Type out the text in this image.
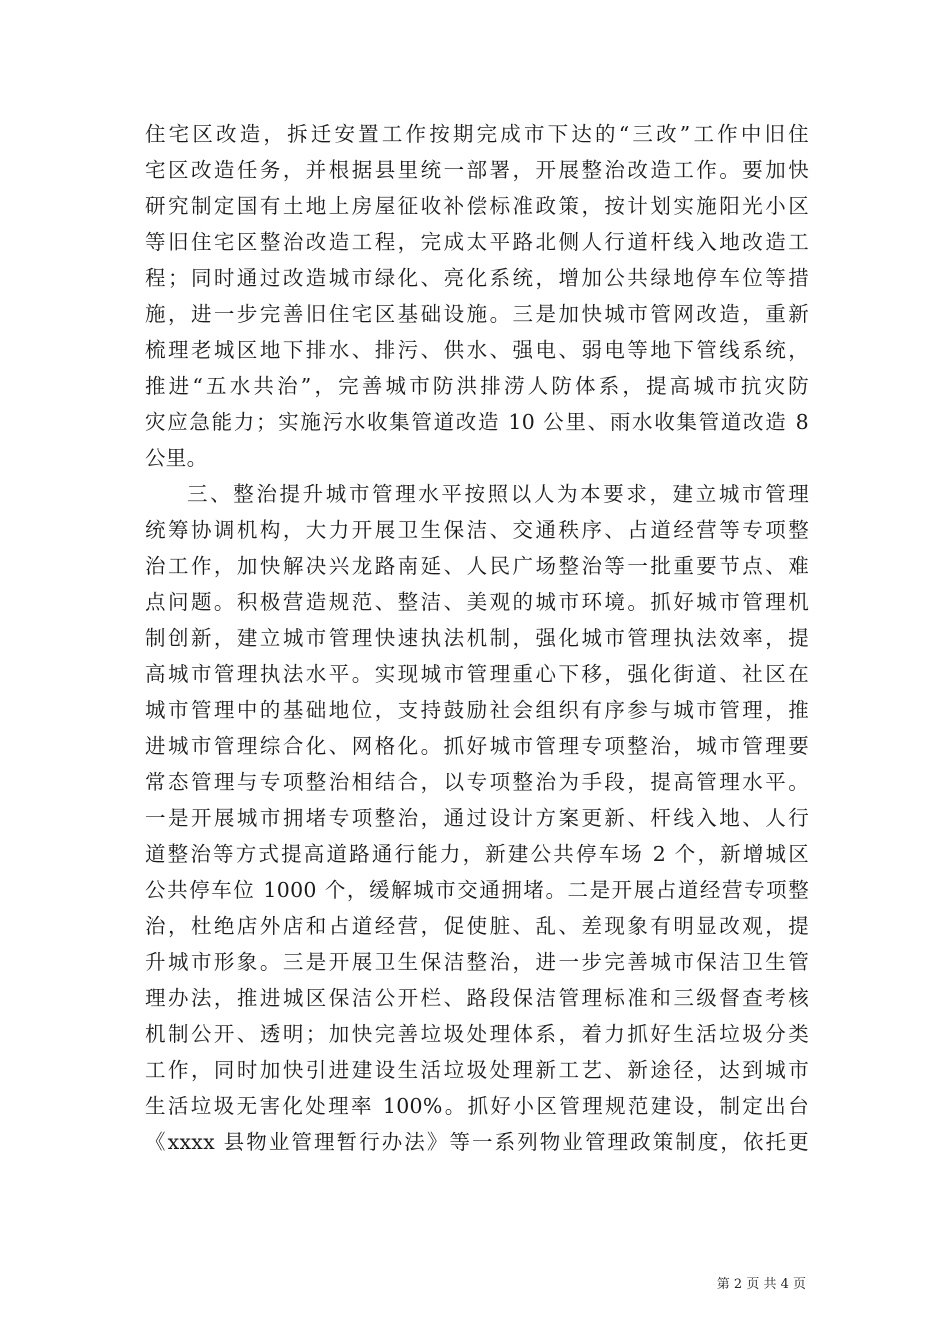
住宅区改造，拆迁安置工作按期完成市下达的“三改”工作中旧住
宅区改造任务，并根据县里统一部署，开展整治改造工作。要加快
研究制定国有土地上房屋征收补偿标准政策，按计划实施阳光小区
等旧住宅区整治改造工程，完成太平路北侧人行道杆线入地改造工
程；同时通过改造城市绿化、亮化系统，增加公共绿地停车位等措
施，进一步完善旧住宅区基础设施。三是加快城市管网改造，重新
梳理老城区地下排水、排污、供水、强电、弱电等地下管线系统，
推进“五水共治”，完善城市防洪排涝人防体系，提高城市抗灾防
灾应急能力；实施污水收集管道改造 10 公里、雨水收集管道改造 8
公里。
三、整治提升城市管理水平按照以人为本要求，建立城市管理
统筹协调机构，大力开展卫生保洁、交通秩序、占道经营等专项整
治工作，加快解决兴龙路南延、人民广场整治等一批重要节点、难
点问题。积极营造规范、整洁、美观的城市环境。抓好城市管理机
制创新，建立城市管理快速执法机制，强化城市管理执法效率，提
高城市管理执法水平。实现城市管理重心下移，强化街道、社区在
城市管理中的基础地位，支持鼓励社会组织有序参与城市管理，推
进城市管理综合化、网格化。抓好城市管理专项整治，城市管理要
常态管理与专项整治相结合，以专项整治为手段，提高管理水平。
一是开展城市拥堵专项整治，通过设计方案更新、杆线入地、人行
道整治等方式提高道路通行能力，新建公共停车场 2 个，新增城区
公共停车位 1000 个，缓解城市交通拥堵。二是开展占道经营专项整
治，杜绝店外店和占道经营，促使脏、乱、差现象有明显改观，提
升城市形象。三是开展卫生保洁整治，进一步完善城市保洁卫生管
理办法，推进城区保洁公开栏、路段保洁管理标准和三级督查考核
机制公开、透明；加快完善垃圾处理体系，着力抓好生活垃圾分类
工作，同时加快引进建设生活垃圾处理新工艺、新途径，达到城市
生活垃圾无害化处理率 100%。抓好小区管理规范建设，制定出台
《xxxx 县物业管理暂行办法》等一系列物业管理政策制度，依托更
第 2 页 共 4 页
